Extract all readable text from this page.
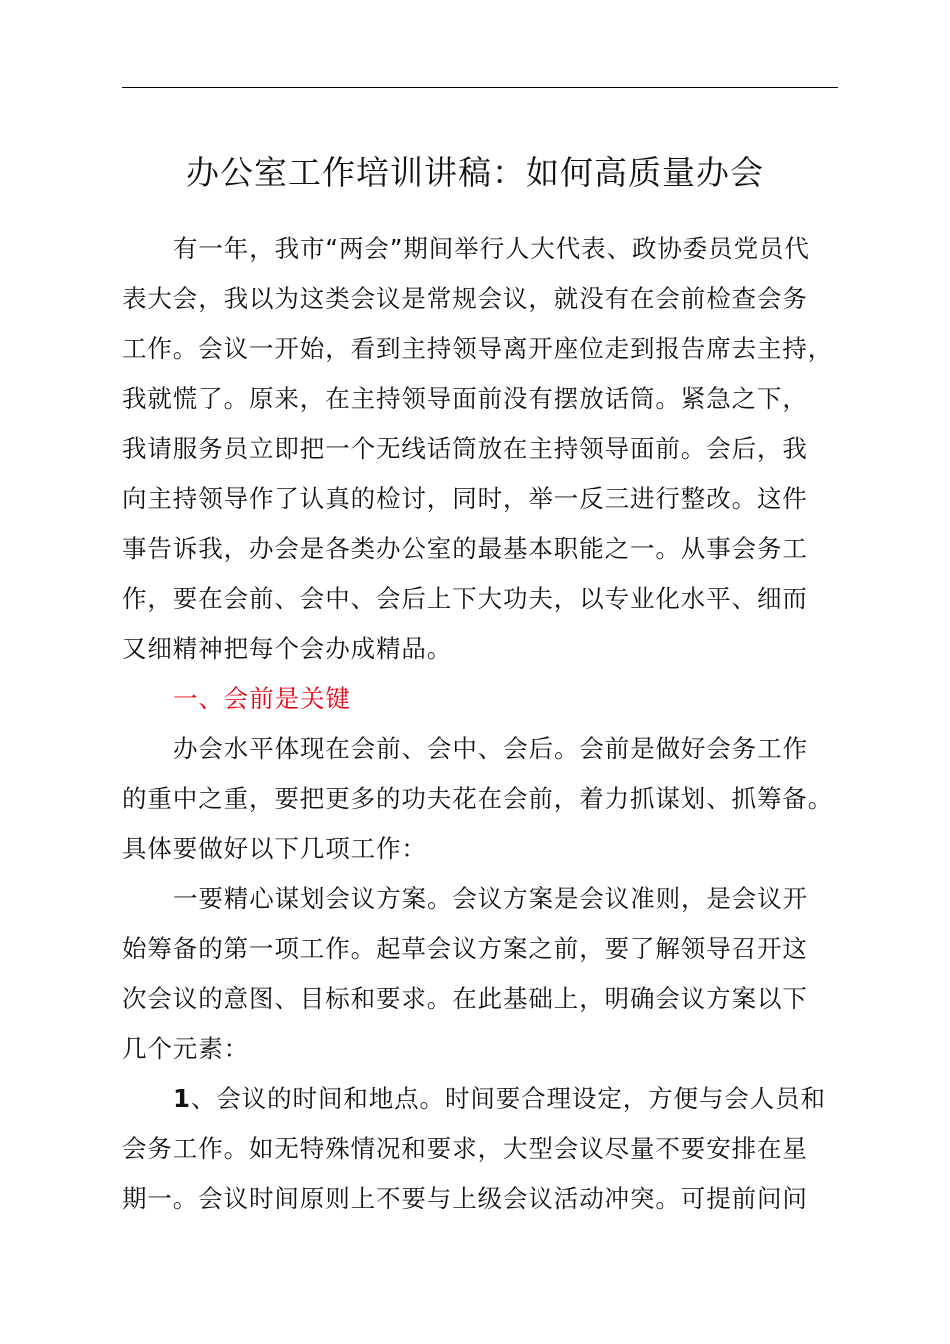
办公室工作培训讲稿：如何高质量办会
有一年，我市“两会”期间举行人大代表、政协委员党员代
表大会，我以为这类会议是常规会议，就没有在会前检查会务
工作。会议一开始，看到主持领导离开座位走到报告席去主持，
我就慌了。原来，在主持领导面前没有摆放话筒。紧急之下，
我请服务员立即把一个无线话筒放在主持领导面前。会后，我
向主持领导作了认真的检讨，同时，举一反三进行整改。这件
事告诉我，办会是各类办公室的最基本职能之一。从事会务工
作，要在会前、会中、会后上下大功夫，以专业化水平、细而
又细精神把每个会办成精品。
一、会前是关键
办会水平体现在会前、会中、会后。会前是做好会务工作
的重中之重，要把更多的功夫花在会前，着力抓谋划、抓筹备。
具体要做好以下几项工作：
一要精心谋划会议方案。会议方案是会议准则，是会议开
始筹备的第一项工作。起草会议方案之前，要了解领导召开这
次会议的意图、目标和要求。在此基础上，明确会议方案以下
几个元素：
1、会议的时间和地点。时间要合理设定，方便与会人员和
会务工作。如无特殊情况和要求，大型会议尽量不要安排在星
期一。会议时间原则上不要与上级会议活动冲突。可提前问问
